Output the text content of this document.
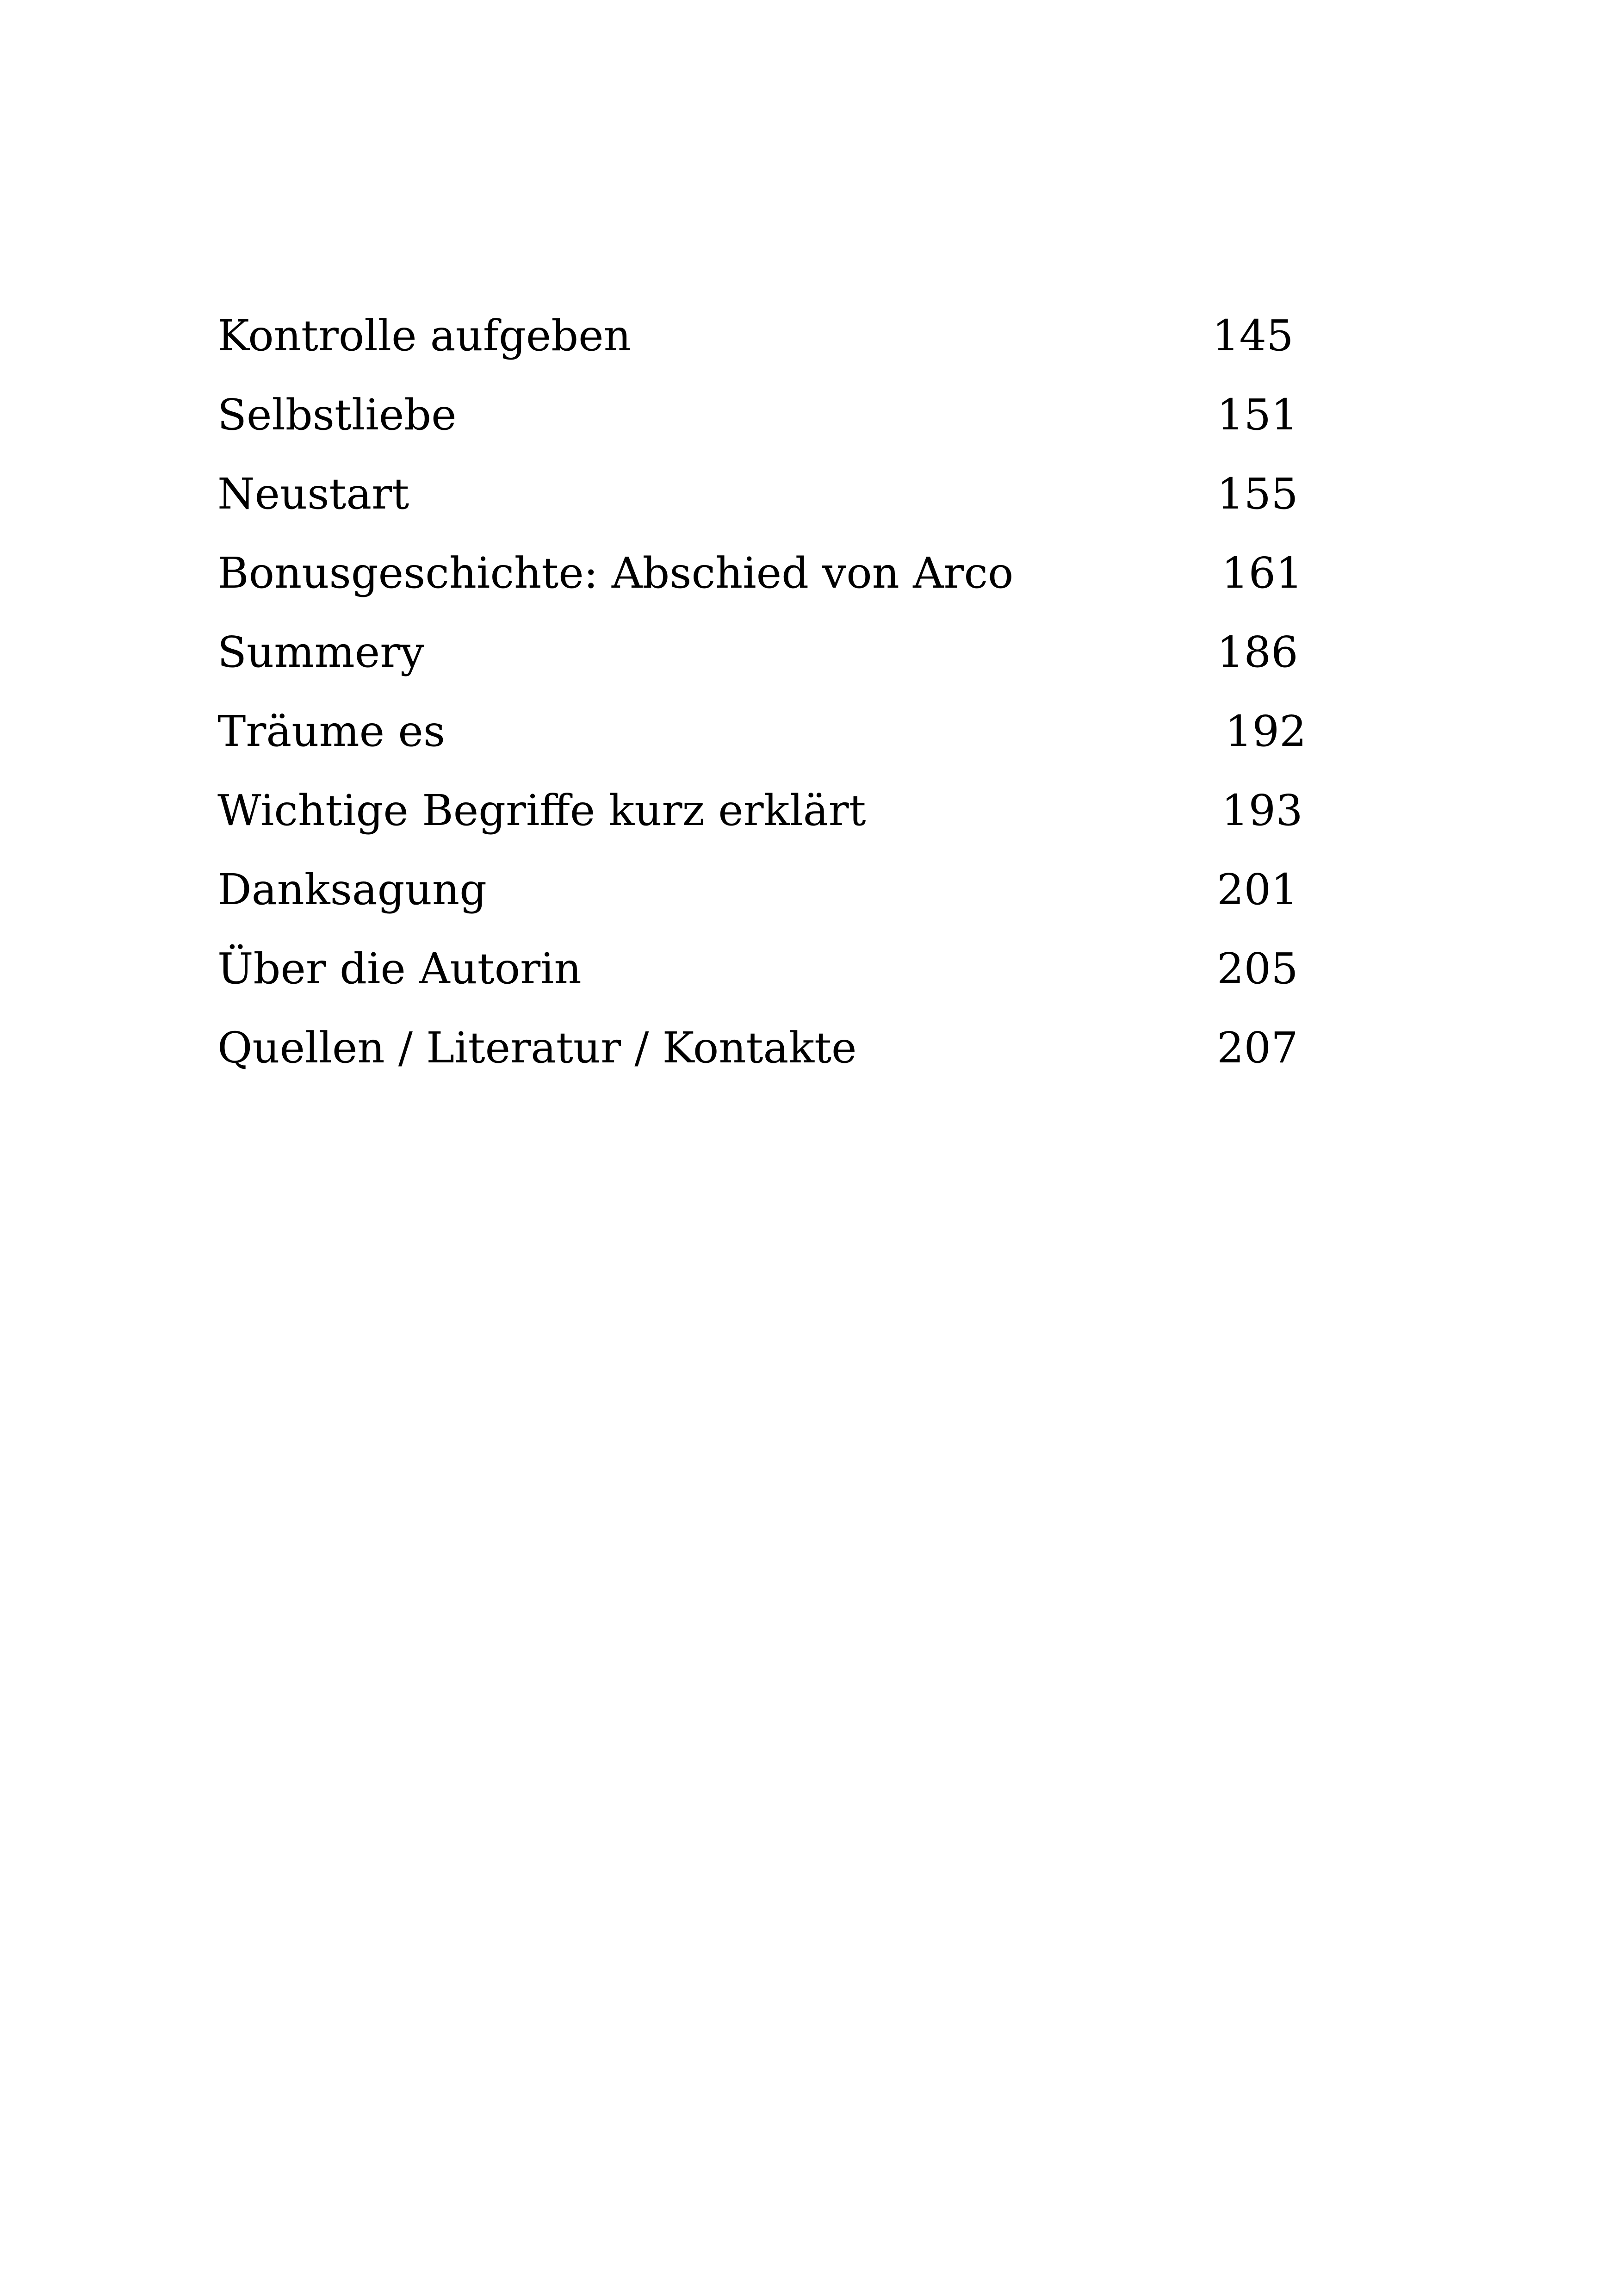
Kontrolle aufgeben	145
Selbstliebe	151
Neustart	155
Bonusgeschichte: Abschied von Arco	161
Summery	186
Träume es	192
Wichtige Begriffe kurz erklärt	193
Danksagung	201
Über die Autorin	205
Quellen / Literatur / Kontakte	207
